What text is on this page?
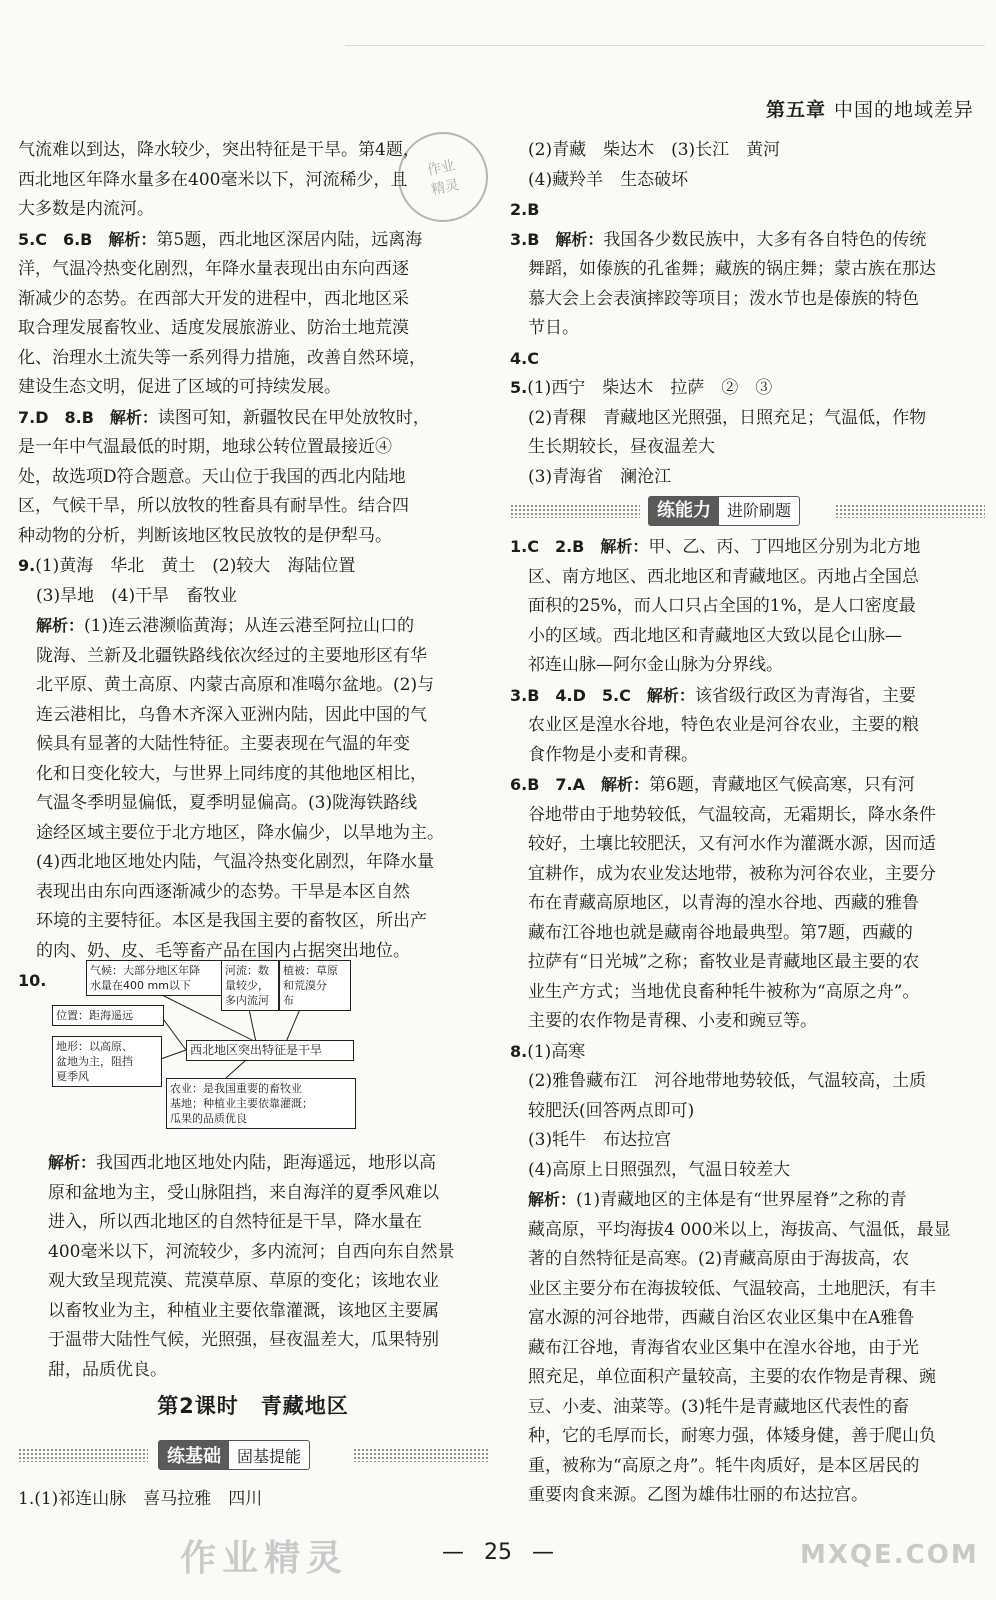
第五章 中国的地域差异
作业
精灵

气流难以到达，降水较少，突出特征是干旱。第4题，

西北地区年降水量多在400毫米以下，河流稀少，且

大多数是内流河。

5.C　6.B　解析：第5题，西北地区深居内陆，远离海

洋，气温冷热变化剧烈，年降水量表现出由东向西逐

渐减少的态势。在西部大开发的进程中，西北地区采

取合理发展畜牧业、适度发展旅游业、防治土地荒漠

化、治理水土流失等一系列得力措施，改善自然环境，

建设生态文明，促进了区域的可持续发展。

7.D　8.B　解析：读图可知，新疆牧民在甲处放牧时，

是一年中气温最低的时期，地球公转位置最接近④

处，故选项D符合题意。天山位于我国的西北内陆地

区，气候干旱，所以放牧的牲畜具有耐旱性。结合四

种动物的分析，判断该地区牧民放牧的是伊犁马。

9.(1)黄海　华北　黄土　(2)较大　海陆位置

(3)旱地　(4)干旱　畜牧业

解析：(1)连云港濒临黄海；从连云港至阿拉山口的

陇海、兰新及北疆铁路线依次经过的主要地形区有华

北平原、黄土高原、内蒙古高原和准噶尔盆地。(2)与

连云港相比，乌鲁木齐深入亚洲内陆，因此中国的气

候具有显著的大陆性特征。主要表现在气温的年变

化和日变化较大，与世界上同纬度的其他地区相比，

气温冬季明显偏低，夏季明显偏高。(3)陇海铁路线

途经区域主要位于北方地区，降水偏少，以旱地为主。

(4)西北地区地处内陆，气温冷热变化剧烈，年降水量

表现出由东向西逐渐减少的态势。干旱是本区自然

环境的主要特征。本区是我国主要的畜牧区，所出产

的肉、奶、皮、毛等畜产品在国内占据突出地位。

10.

气候：大部分地区年降
水量在400 mm以下
河流：数
量较少，
多内流河
植被：草原
和荒漠分
布
位置：距海遥远
地形：以高原、
盆地为主，阻挡
夏季风
西北地区突出特征是干旱
农业：是我国重要的畜牧业
基地；种植业主要依靠灌溉；
瓜果的品质优良

解析：我国西北地区地处内陆，距海遥远，地形以高

原和盆地为主，受山脉阻挡，来自海洋的夏季风难以

进入，所以西北地区的自然特征是干旱，降水量在

400毫米以下，河流较少，多内流河；自西向东自然景

观大致呈现荒漠、荒漠草原、草原的变化；该地农业

以畜牧业为主，种植业主要依靠灌溉，该地区主要属

于温带大陆性气候，光照强，昼夜温差大，瓜果特别

甜，品质优良。

第2课时　青藏地区
练基础	固基提能
1.(1)祁连山脉　喜马拉雅　四川

(2)青藏　柴达木　(3)长江　黄河

(4)藏羚羊　生态破坏

2.B

3.B　解析：我国各少数民族中，大多有各自特色的传统

舞蹈，如傣族的孔雀舞；藏族的锅庄舞；蒙古族在那达

慕大会上会表演摔跤等项目；泼水节也是傣族的特色

节日。

4.C

5.(1)西宁　柴达木　拉萨　②　③

(2)青稞　青藏地区光照强，日照充足；气温低，作物

生长期较长，昼夜温差大

(3)青海省　澜沧江

练能力	进阶刷题

1.C　2.B　解析：甲、乙、丙、丁四地区分别为北方地

区、南方地区、西北地区和青藏地区。丙地占全国总

面积的25%，而人口只占全国的1%，是人口密度最

小的区域。西北地区和青藏地区大致以昆仑山脉—

祁连山脉—阿尔金山脉为分界线。

3.B　4.D　5.C　解析：该省级行政区为青海省，主要

农业区是湟水谷地，特色农业是河谷农业，主要的粮

食作物是小麦和青稞。

6.B　7.A　解析：第6题，青藏地区气候高寒，只有河

谷地带由于地势较低，气温较高，无霜期长，降水条件

较好，土壤比较肥沃，又有河水作为灌溉水源，因而适

宜耕作，成为农业发达地带，被称为河谷农业，主要分

布在青藏高原地区，以青海的湟水谷地、西藏的雅鲁

藏布江谷地也就是藏南谷地最典型。第7题，西藏的

拉萨有“日光城”之称；畜牧业是青藏地区最主要的农

业生产方式；当地优良畜种牦牛被称为“高原之舟”。

主要的农作物是青稞、小麦和豌豆等。

8.(1)高寒

(2)雅鲁藏布江　河谷地带地势较低，气温较高，土质

较肥沃(回答两点即可)

(3)牦牛　布达拉宫

(4)高原上日照强烈，气温日较差大

解析：(1)青藏地区的主体是有“世界屋脊”之称的青

藏高原，平均海拔4 000米以上，海拔高、气温低，最显

著的自然特征是高寒。(2)青藏高原由于海拔高，农

业区主要分布在海拔较低、气温较高，土地肥沃，有丰

富水源的河谷地带，西藏自治区农业区集中在A雅鲁

藏布江谷地，青海省农业区集中在湟水谷地，由于光

照充足，单位面积产量较高，主要的农作物是青稞、豌

豆、小麦、油菜等。(3)牦牛是青藏地区代表性的畜

种，它的毛厚而长，耐寒力强，体矮身健，善于爬山负

重，被称为“高原之舟”。牦牛肉质好，是本区居民的

重要肉食来源。乙图为雄伟壮丽的布达拉宫。

— 25 —
作业精灵	MXQE.COM
